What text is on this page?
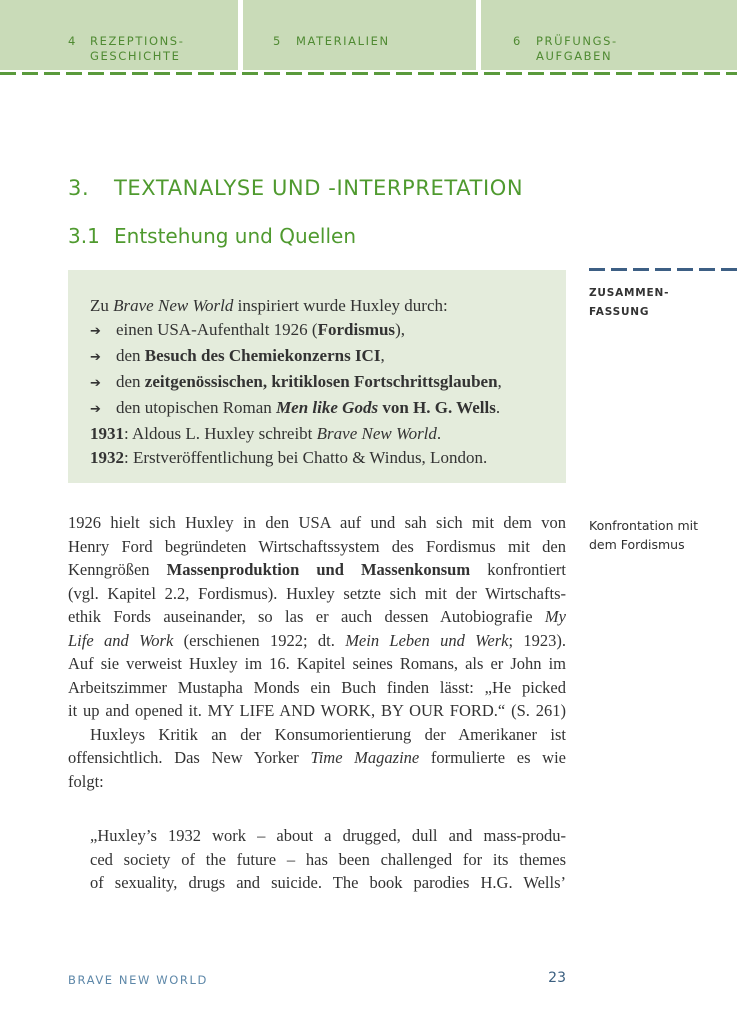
4 REZEPTIONS-
GESCHICHTE
5 MATERIALIEN	6 PRÜFUNGS-
AUFGABEN
3. TEXTANALYSE UND -INTERPRETATION
3.1 Entstehung und Quellen
Zu Brave New World inspiriert wurde Huxley durch:
➔ einen USA-Aufenthalt 1926 (Fordismus),
➔ den Besuch des Chemiekonzerns ICI,
➔ den zeitgenössischen, kritiklosen Fortschrittsglauben,
➔ den utopischen Roman Men like Gods von H. G. Wells.
1931: Aldous L. Huxley schreibt Brave New World.
1932: Erstveröffentlichung bei Chatto & Windus, London.
ZUSAMMEN-
FASSUNG
Konfrontation mit
dem Fordismus
1926 hielt sich Huxley in den USA auf und sah sich mit dem von
Henry Ford begründeten Wirtschaftssystem des Fordismus mit den
Kenngrößen Massenproduktion und Massenkonsum konfrontiert
(vgl. Kapitel 2.2, Fordismus). Huxley setzte sich mit der Wirtschafts-
ethik Fords auseinander, so las er auch dessen Autobiografie My
Life and Work (erschienen 1922; dt. Mein Leben und Werk; 1923).
Auf sie verweist Huxley im 16. Kapitel seines Romans, als er John im
Arbeitszimmer Mustapha Monds ein Buch finden lässt: „He picked
it up and opened it. MY LIFE AND WORK, BY OUR FORD.“ (S. 261)
Huxleys Kritik an der Konsumorientierung der Amerikaner ist
offensichtlich. Das New Yorker Time Magazine formulierte es wie
folgt:
„Huxley’s 1932 work – about a drugged, dull and mass-produ-
ced society of the future – has been challenged for its themes
of sexuality, drugs and suicide. The book parodies H.G. Wells’
BRAVE NEW WORLD	23
